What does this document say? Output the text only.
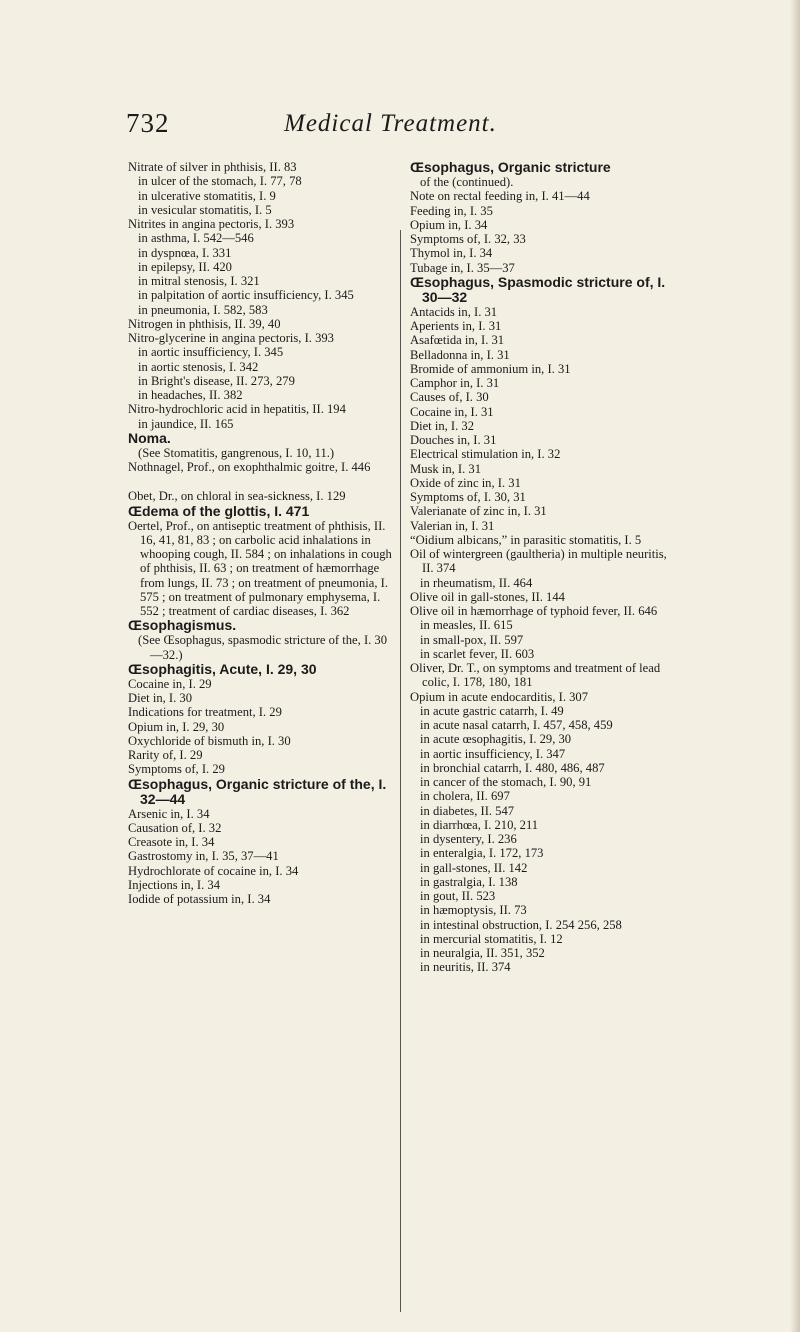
732	Medical Treatment.
Nitrate of silver in phthisis, II. 83
in ulcer of the stomach, I. 77, 78
in ulcerative stomatitis, I. 9
in vesicular stomatitis, I. 5
Nitrites in angina pectoris, I. 393
in asthma, I. 542—546
in dyspnœa, I. 331
in epilepsy, II. 420
in mitral stenosis, I. 321
in palpitation of aortic insufficiency, I. 345
in pneumonia, I. 582, 583
Nitrogen in phthisis, II. 39, 40
Nitro-glycerine in angina pectoris, I. 393
in aortic insufficiency, I. 345
in aortic stenosis, I. 342
in Bright's disease, II. 273, 279
in headaches, II. 382
Nitro-hydrochloric acid in hepatitis, II. 194
in jaundice, II. 165
Noma.
(See Stomatitis, gangrenous, I. 10, 11.)
Nothnagel, Prof., on exophthalmic goitre, I. 446
Obet, Dr., on chloral in sea-sickness, I. 129
Œdema of the glottis, I. 471
Oertel, Prof., on antiseptic treatment of phthisis, II. 16, 41, 81, 83 ; on carbolic acid inhalations in whooping cough, II. 584 ; on inhalations in cough of phthisis, II. 63 ; on treatment of hæmorrhage from lungs, II. 73 ; on treatment of pneumonia, I. 575 ; on treatment of pulmonary emphysema, I. 552 ; treatment of cardiac diseases, I. 362
Œsophagismus.
(See Œsophagus, spasmodic stricture of the, I. 30—32.)
Œsophagitis, Acute, I. 29, 30
Cocaine in, I. 29
Diet in, I. 30
Indications for treatment, I. 29
Opium in, I. 29, 30
Oxychloride of bismuth in, I. 30
Rarity of, I. 29
Symptoms of, I. 29
Œsophagus, Organic stricture of the, I. 32—44
Arsenic in, I. 34
Causation of, I. 32
Creasote in, I. 34
Gastrostomy in, I. 35, 37—41
Hydrochlorate of cocaine in, I. 34
Injections in, I. 34
Iodide of potassium in, I. 34
Œsophagus, Organic stricture
of the (continued).
Note on rectal feeding in, I. 41—44
Feeding in, I. 35
Opium in, I. 34
Symptoms of, I. 32, 33
Thymol in, I. 34
Tubage in, I. 35—37
Œsophagus, Spasmodic stricture of, I. 30—32
Antacids in, I. 31
Aperients in, I. 31
Asafœtida in, I. 31
Belladonna in, I. 31
Bromide of ammonium in, I. 31
Camphor in, I. 31
Causes of, I. 30
Cocaine in, I. 31
Diet in, I. 32
Douches in, I. 31
Electrical stimulation in, I. 32
Musk in, I. 31
Oxide of zinc in, I. 31
Symptoms of, I. 30, 31
Valerianate of zinc in, I. 31
Valerian in, I. 31
“Oidium albicans,” in parasitic stomatitis, I. 5
Oil of wintergreen (gaultheria) in multiple neuritis, II. 374
in rheumatism, II. 464
Olive oil in gall-stones, II. 144
Olive oil in hæmorrhage of typhoid fever, II. 646
in measles, II. 615
in small-pox, II. 597
in scarlet fever, II. 603
Oliver, Dr. T., on symptoms and treatment of lead colic, I. 178, 180, 181
Opium in acute endocarditis, I. 307
in acute gastric catarrh, I. 49
in acute nasal catarrh, I. 457, 458, 459
in acute œsophagitis, I. 29, 30
in aortic insufficiency, I. 347
in bronchial catarrh, I. 480, 486, 487
in cancer of the stomach, I. 90, 91
in cholera, II. 697
in diabetes, II. 547
in diarrhœa, I. 210, 211
in dysentery, I. 236
in enteralgia, I. 172, 173
in gall-stones, II. 142
in gastralgia, I. 138
in gout, II. 523
in hæmoptysis, II. 73
in intestinal obstruction, I. 254 256, 258
in mercurial stomatitis, I. 12
in neuralgia, II. 351, 352
in neuritis, II. 374
